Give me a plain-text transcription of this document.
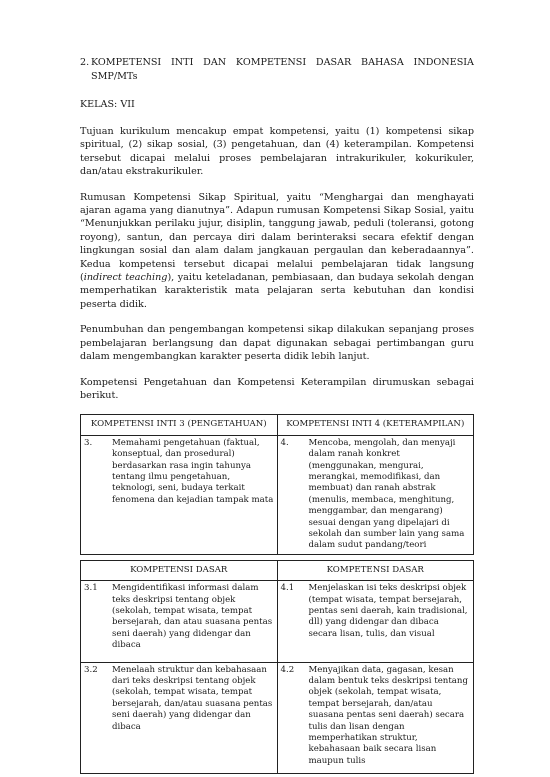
2. KOMPETENSI INTI DAN KOMPETENSI DASAR BAHASA INDONESIA SMP/MTs
KELAS: VII

Tujuan kurikulum mencakup empat kompetensi, yaitu (1) kompetensi sikap spiritual, (2) sikap sosial, (3) pengetahuan, dan (4) keterampilan. Kompetensi tersebut dicapai melalui proses pembelajaran intrakurikuler, kokurikuler, dan/atau ekstrakurikuler.

Rumusan Kompetensi Sikap Spiritual, yaitu “Menghargai dan menghayati ajaran agama yang dianutnya”. Adapun rumusan Kompetensi Sikap Sosial, yaitu “Menunjukkan perilaku jujur, disiplin, tanggung jawab, peduli (toleransi, gotong royong), santun, dan percaya diri dalam berinteraksi secara efektif dengan lingkungan sosial dan alam dalam jangkauan pergaulan dan keberadaannya”. Kedua kompetensi tersebut dicapai melalui pembelajaran tidak langsung (indirect teaching), yaitu keteladanan, pembiasaan, dan budaya sekolah dengan memperhatikan karakteristik mata pelajaran serta kebutuhan dan kondisi peserta didik.

Penumbuhan dan pengembangan kompetensi sikap dilakukan sepanjang proses pembelajaran berlangsung dan dapat digunakan sebagai pertimbangan guru dalam mengembangkan karakter peserta didik lebih lanjut.

Kompetensi Pengetahuan dan Kompetensi Keterampilan dirumuskan sebagai berikut.

KOMPETENSI INTI 3 (PENGETAHUAN)	KOMPETENSI INTI 4 (KETERAMPILAN)

3. Memahami pengetahuan (faktual, konseptual, dan prosedural) berdasarkan rasa ingin tahunya tentang ilmu pengetahuan, teknologi, seni, budaya terkait fenomena dan kejadian tampak mata	4. Mencoba, mengolah, dan menyaji dalam ranah konkret (menggunakan, mengurai, merangkai, memodifikasi, dan membuat) dan ranah abstrak (menulis, membaca, menghitung, menggambar, dan mengarang) sesuai dengan yang dipelajari di sekolah dan sumber lain yang sama dalam sudut pandang/teori
KOMPETENSI DASAR	KOMPETENSI DASAR

3.1 Mengidentifikasi informasi dalam teks deskripsi tentang objek (sekolah, tempat wisata, tempat bersejarah, dan atau suasana pentas seni daerah) yang didengar dan dibaca	4.1 Menjelaskan isi teks deskripsi objek (tempat wisata, tempat bersejarah, pentas seni daerah, kain tradisional, dll) yang didengar dan dibaca secara lisan, tulis, dan visual

3.2 Menelaah struktur dan kebahasaan dari teks deskripsi tentang objek (sekolah, tempat wisata, tempat bersejarah, dan/atau suasana pentas seni daerah) yang didengar dan dibaca	4.2 Menyajikan data, gagasan, kesan dalam bentuk teks deskripsi tentang objek (sekolah, tempat wisata, tempat bersejarah, dan/atau suasana pentas seni daerah) secara tulis dan lisan dengan memperhatikan struktur, kebahasaan baik secara lisan maupun tulis
